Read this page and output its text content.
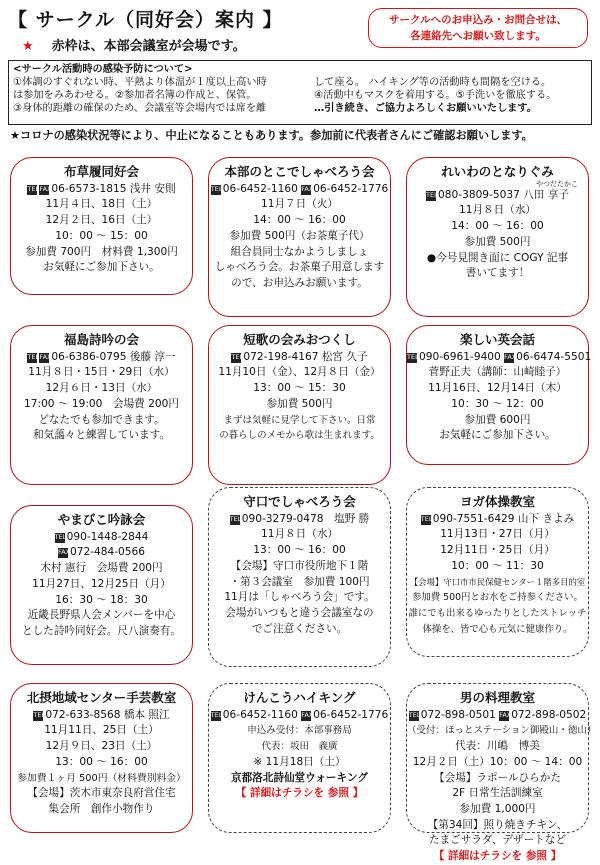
【 サークル（同好会）案内 】	サークルへのお申込み・お問合せは、
各連絡先へお願い致します。
★ 赤枠は、本部会議室が会場です。
<サークル活動時の感染予防について>
①体調のすぐれない時、平熱より体温が１度以上高い時
は参加をみあわせる。②参加者名簿の作成と、保管。
③身体的距離の確保のため、会議室等会場内では席を離
して座る。 ハイキング等の活動時も間隔を空ける。
④活動中もマスクを着用する。⑤手洗いを徹底する。
…引き続き、ご協力よろしくお願いいたします。
★コロナの感染状況等により、中止になることもあります。参加前に代表者さんにご確認お願いします。
布草履同好会
TELFAX06-6573-1815 浅井 安則
11月４日、18日（土）
12月２日、16日（土）
10：00 ～ 15：00
参加費 700円　材料費 1,300円
お気軽にご参加下さい。
本部のとこでしゃべろう会
TEL06-6452-1160 FAX06-6452-1776
11月７日（火）
14：00 ～ 16：00
参加費 500円（お茶菓子代）
組合員同士なかようしましょ
しゃべろう会。お茶菓子用意します
ので、お申込みお願います。
れいわのとなりぐみ
やつだたかこ
TEL080-3809-5037 八田 享子
11月８日（水）
14：00 ～ 16：00
参加費 500円
●今号見開き面に COGY 記事
書いてます！
福島詩吟の会
TELFAX06-6386-0795 後藤 淳一
11月８日・15日・29日（水）
12月６日・13日（水）
17:00 ～ 19:00　会場費 200円
どなたでも参加できます。
和気藹々と練習しています。
短歌の会みおつくし
TEL072-198-4167 松宮 久子
11月10日（金）、12月８日（金）
13：00 ～ 15：30
参加費 500円
まずは気軽に見学して下さい。日常
の暮らしのメモから歌は生まれます。
楽しい英会話
TEL090-6961-9400 FAX06-6474-5501
菅野正夫（講師：山崎睦子）
11月16日、12月14日（木）
10：30 ～ 12：00
参加費 600円
お気軽にご参加下さい。
やまびこ吟詠会
TEL090-1448-2844
FAX072-484-0566
木村 憲行　会場費 200円
11月27日、12月25日（月）
16：30 ～ 18：30
近畿長野県人会メンバーを中心
とした詩吟同好会。尺八演奏有。
守口でしゃべろう会
TEL090-3279-0478　塩野 勝
11月８日（水）
13：00 ～ 16：00
【会場】守口市役所地下１階
・第３会議室　参加費 100円
11月は「しゃべろう会」です。
会場がいつもと違う会議室なの
でご注意ください。
ヨガ体操教室
TEL090-7551-6429 山下 きよみ
11月13日・27日（月）
12月11日・25日（月）
10：00 ～ 11：30
【会場】守口市市民保健センター１階多目的室
参加費 500円とお水をご持参ください。
誰にでも出来るゆったりとしたストレッチ
体操を、皆で心も元気に健康作り。
北摂地域センター手芸教室
TEL072-633-8568 橋本 照江
11月11日、25日（土）
12月９日、23日（土）
13：00 ～ 16：00
参加費１ヶ月 500円（材料費別料金）
【会場】茨木市東奈良府営住宅
集会所　創作小物作り
けんこうハイキング
TEL06-6452-1160 FAX06-6452-1776
申込み受付：本部事務局
代表：坂田　義廣
※ 11月18日（土）
京都洛北詩仙堂ウォーキング
【 詳細はチラシを 参照 】
男の料理教室
TEL072-898-0501 FAX072-898-0502
（受付：ほっとステーション御殿山・徳山）
代表：川嶋　博美
12月２日（土）10：00 ～ 14：00
【会場】ラポールひらかた
2F 日常生活訓練室
参加費 1,000円
【第34回】照り焼きチキン、
たまごサラダ、デザートなど
【 詳細はチラシを 参照 】
